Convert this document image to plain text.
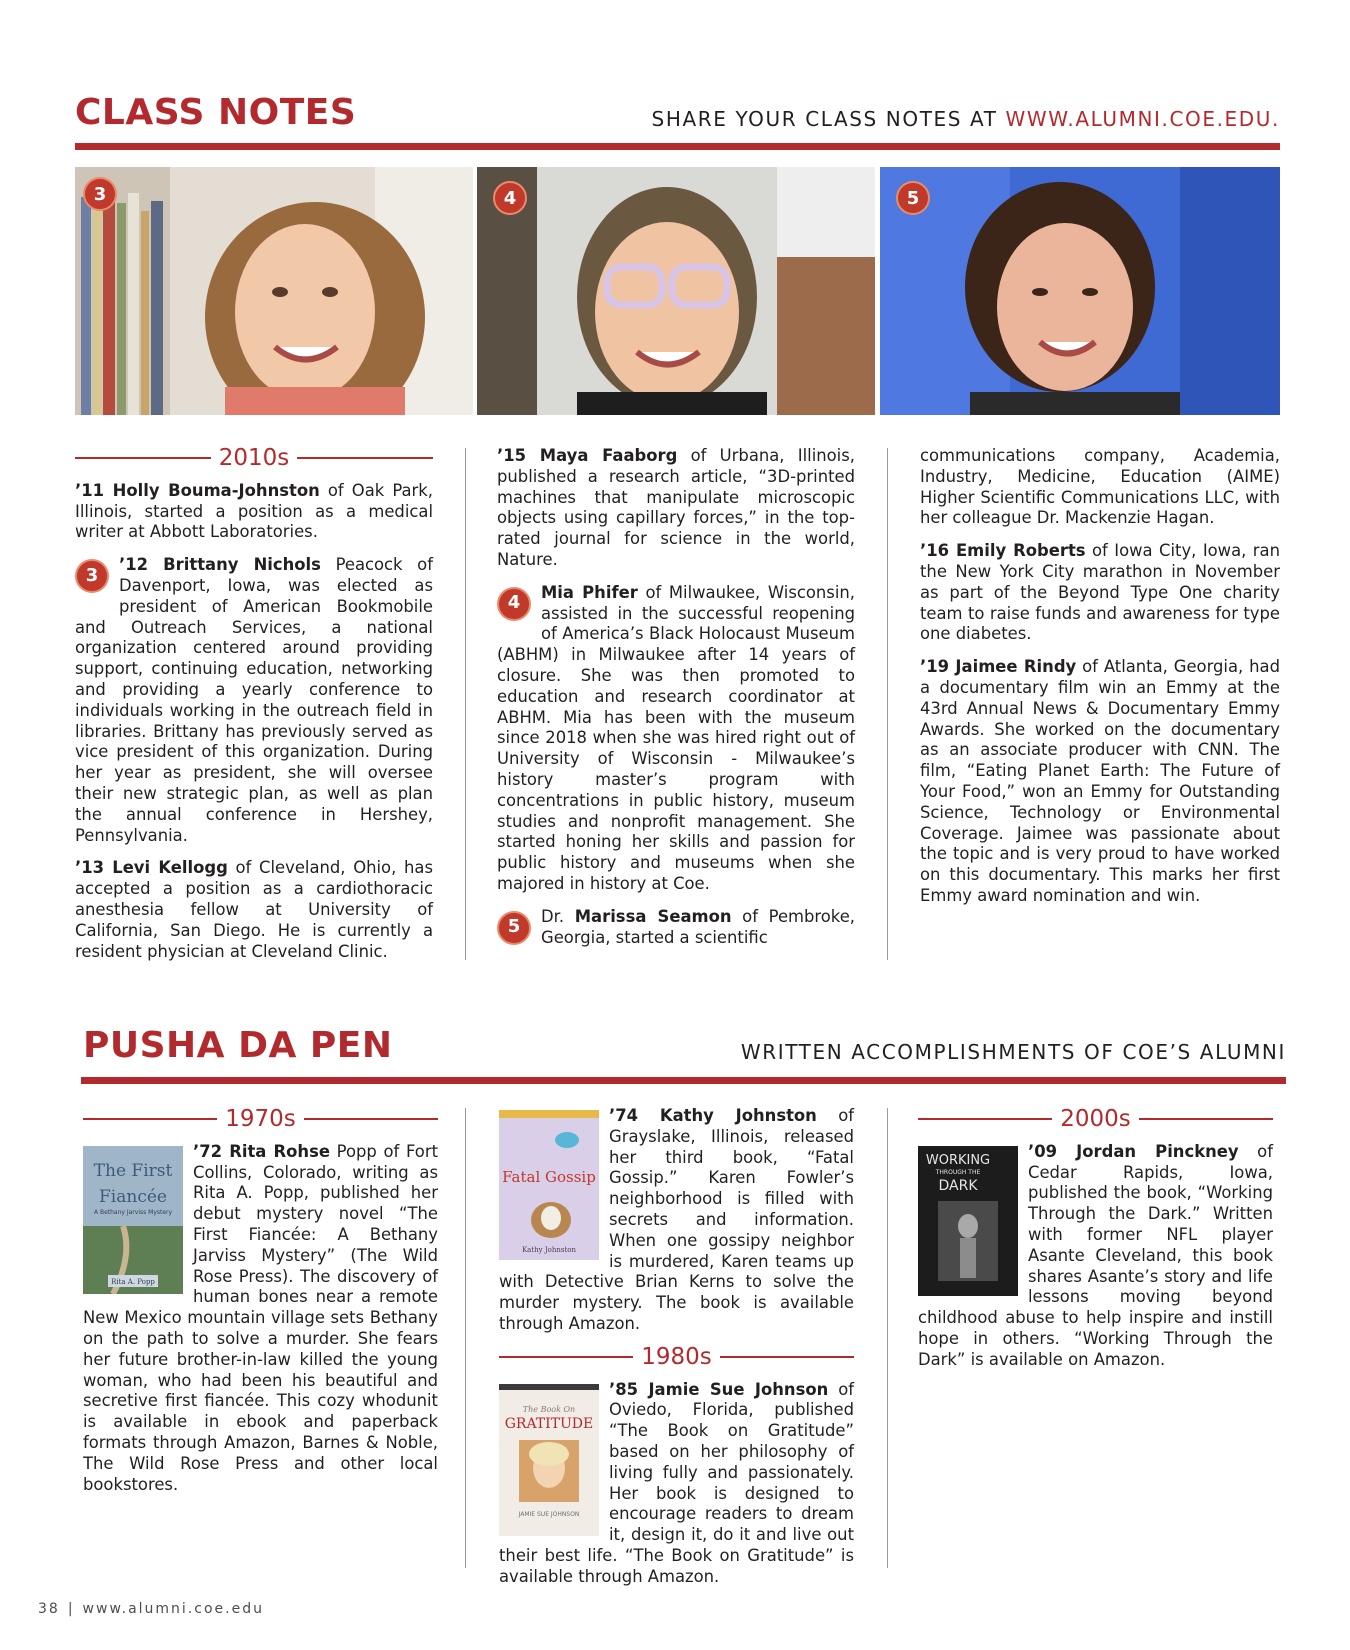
CLASS NOTES	SHARE YOUR CLASS NOTES AT WWW.ALUMNI.COE.EDU.
3	4	5
2010s

’11 Holly Bouma-Johnston of Oak Park, Illinois, started a position as a medical writer at Abbott Laboratories.

3
’12 Brittany Nichols Peacock of Davenport, Iowa, was elected as president of American Bookmobile and Outreach Services, a national organization centered around providing support, continuing education, networking and providing a yearly conference to individuals working in the outreach field in libraries. Brittany has previously served as vice president of this organization. During her year as president, she will oversee their new strategic plan, as well as plan the annual conference in Hershey, Pennsylvania.

’13 Levi Kellogg of Cleveland, Ohio, has accepted a position as a cardiothoracic anesthesia fellow at University of California, San Diego. He is currently a resident physician at Cleveland Clinic.

’15 Maya Faaborg of Urbana, Illinois, published a research article, “3D-printed machines that manipulate microscopic objects using capillary forces,” in the top-rated journal for science in the world, Nature.

4
Mia Phifer of Milwaukee, Wisconsin, assisted in the successful reopening of America’s Black Holocaust Museum (ABHM) in Milwaukee after 14 years of closure. She was then promoted to education and research coordinator at ABHM. Mia has been with the museum since 2018 when she was hired right out of University of Wisconsin - Milwaukee’s history master’s program with concentrations in public history, museum studies and nonprofit management. She started honing her skills and passion for public history and museums when she majored in history at Coe.

5
Dr. Marissa Seamon of Pembroke, Georgia, started a scientific

communications company, Academia, Industry, Medicine, Education (AIME) Higher Scientific Communications LLC, with her colleague Dr. Mackenzie Hagan.

’16 Emily Roberts of Iowa City, Iowa, ran the New York City marathon in November as part of the Beyond Type One charity team to raise funds and awareness for type one diabetes.

’19 Jaimee Rindy of Atlanta, Georgia, had a documentary film win an Emmy at the 43rd Annual News & Documentary Emmy Awards. She worked on the documentary as an associate producer with CNN. The film, “Eating Planet Earth: The Future of Your Food,” won an Emmy for Outstanding Science, Technology or Environmental Coverage. Jaimee was passionate about the topic and is very proud to have worked on this documentary. This marks her first Emmy award nomination and win.

PUSHA DA PEN	WRITTEN ACCOMPLISHMENTS OF COE’S ALUMNI
1970s

The First
Fiancée
A Bethany Jarviss Mystery
Rita A. Popp
’72 Rita Rohse Popp of Fort Collins, Colorado, writing as Rita A. Popp, published her debut mystery novel “The First Fiancée: A Bethany Jarviss Mystery” (The Wild Rose Press). The discovery of human bones near a remote New Mexico mountain village sets Bethany on the path to solve a murder. She fears her future brother-in-law killed the young woman, who had been his beautiful and secretive first fiancée. This cozy whodunit is available in ebook and paperback formats through Amazon, Barnes & Noble, The Wild Rose Press and other local bookstores.

Fatal Gossip
Kathy Johnston
’74 Kathy Johnston of Grayslake, Illinois, released her third book, “Fatal Gossip.” Karen Fowler’s neighborhood is filled with secrets and information. When one gossipy neighbor is murdered, Karen teams up with Detective Brian Kerns to solve the murder mystery. The book is available through Amazon.

1980s

The Book On
GRATITUDE
JAMIE SUE JOHNSON
’85 Jamie Sue Johnson of Oviedo, Florida, published “The Book on Gratitude” based on her philosophy of living fully and passionately. Her book is designed to encourage readers to dream it, design it, do it and live out their best life. “The Book on Gratitude” is available through Amazon.

2000s

WORKING
THROUGH THE
DARK
’09 Jordan Pinckney of Cedar Rapids, Iowa, published the book, “Working Through the Dark.” Written with former NFL player Asante Cleveland, this book shares Asante’s story and life lessons moving beyond childhood abuse to help inspire and instill hope in others. “Working Through the Dark” is available on Amazon.

38 | www.alumni.coe.edu
